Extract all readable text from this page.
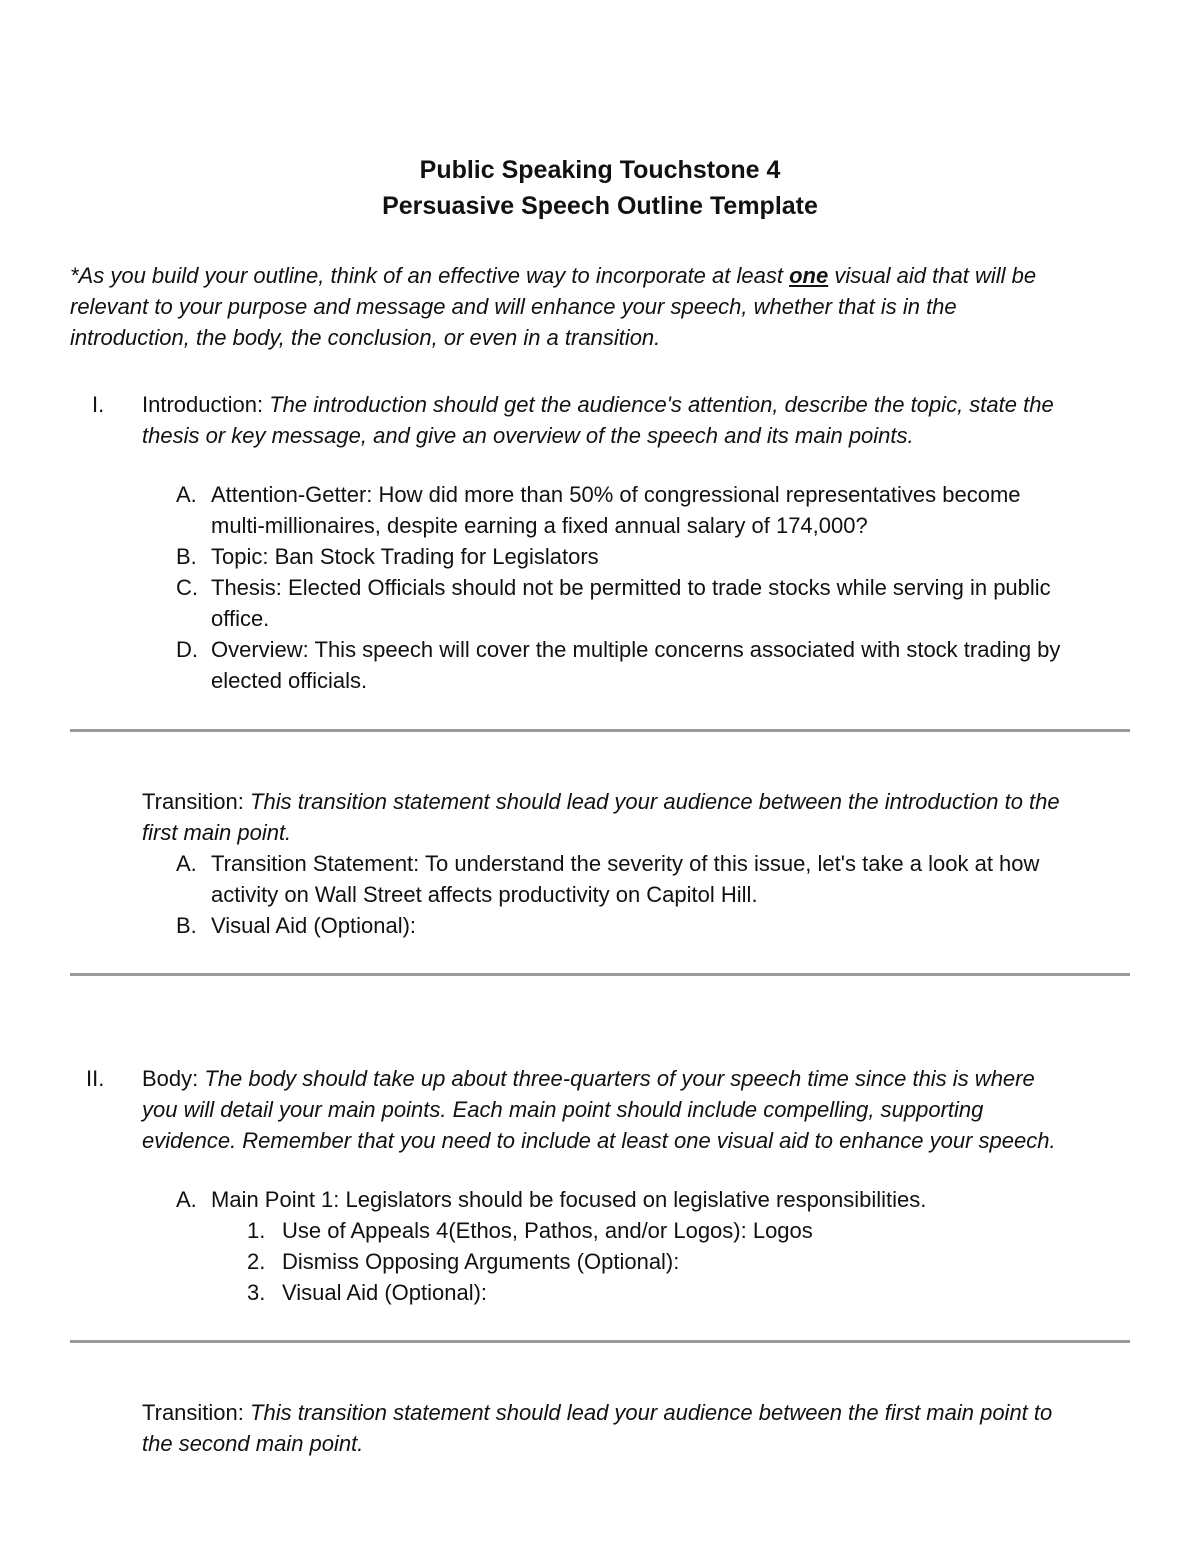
Public Speaking Touchstone 4
Persuasive Speech Outline Template
*As you build your outline, think of an effective way to incorporate at least one visual aid that will be
relevant to your purpose and message and will enhance your speech, whether that is in the
introduction, the body, the conclusion, or even in a transition.
I. Introduction: The introduction should get the audience's attention, describe the topic, state the
thesis or key message, and give an overview of the speech and its main points.
A. Attention-Getter: How did more than 50% of congressional representatives become
multi-millionaires, despite earning a fixed annual salary of 174,000?
B. Topic: Ban Stock Trading for Legislators
C. Thesis: Elected Officials should not be permitted to trade stocks while serving in public
office.
D. Overview: This speech will cover the multiple concerns associated with stock trading by
elected officials.
Transition: This transition statement should lead your audience between the introduction to the
first main point.
A. Transition Statement: To understand the severity of this issue, let's take a look at how
activity on Wall Street affects productivity on Capitol Hill.
B. Visual Aid (Optional):
II. Body: The body should take up about three-quarters of your speech time since this is where
you will detail your main points. Each main point should include compelling, supporting
evidence. Remember that you need to include at least one visual aid to enhance your speech.
A. Main Point 1: Legislators should be focused on legislative responsibilities.
1. Use of Appeals 4(Ethos, Pathos, and/or Logos): Logos
2. Dismiss Opposing Arguments (Optional):
3. Visual Aid (Optional):
Transition: This transition statement should lead your audience between the first main point to
the second main point.
